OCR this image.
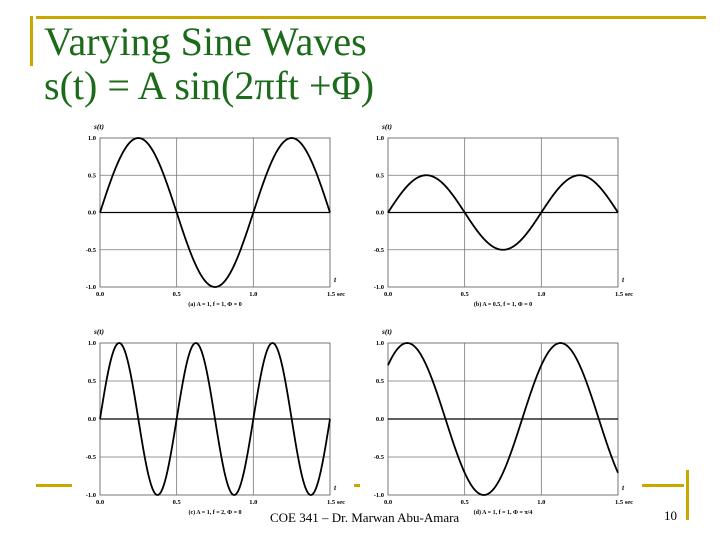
Varying Sine Waves
s(t) = A sin(2πft +Φ)
1.0
0.5
0.0
-0.5
-1.0
0.0	0.5	1.0	1.5 sec
s(t)
t
(a) A = 1, f = 1, Φ = 0
1.0
0.5
0.0
-0.5
-1.0
0.0	0.5	1.0	1.5 sec
s(t)
t
(b) A = 0.5, f = 1, Φ = 0
1.0
0.5
0.0
-0.5
-1.0
0.0	0.5	1.0	1.5 sec
s(t)
t
(c) A = 1, f = 2, Φ = 0
1.0
0.5
0.0
-0.5
-1.0
0.0	0.5	1.0	1.5 sec
s(t)
t
(d) A = 1, f = 1, Φ = π/4
COE 341 – Dr. Marwan Abu-Amara	10
